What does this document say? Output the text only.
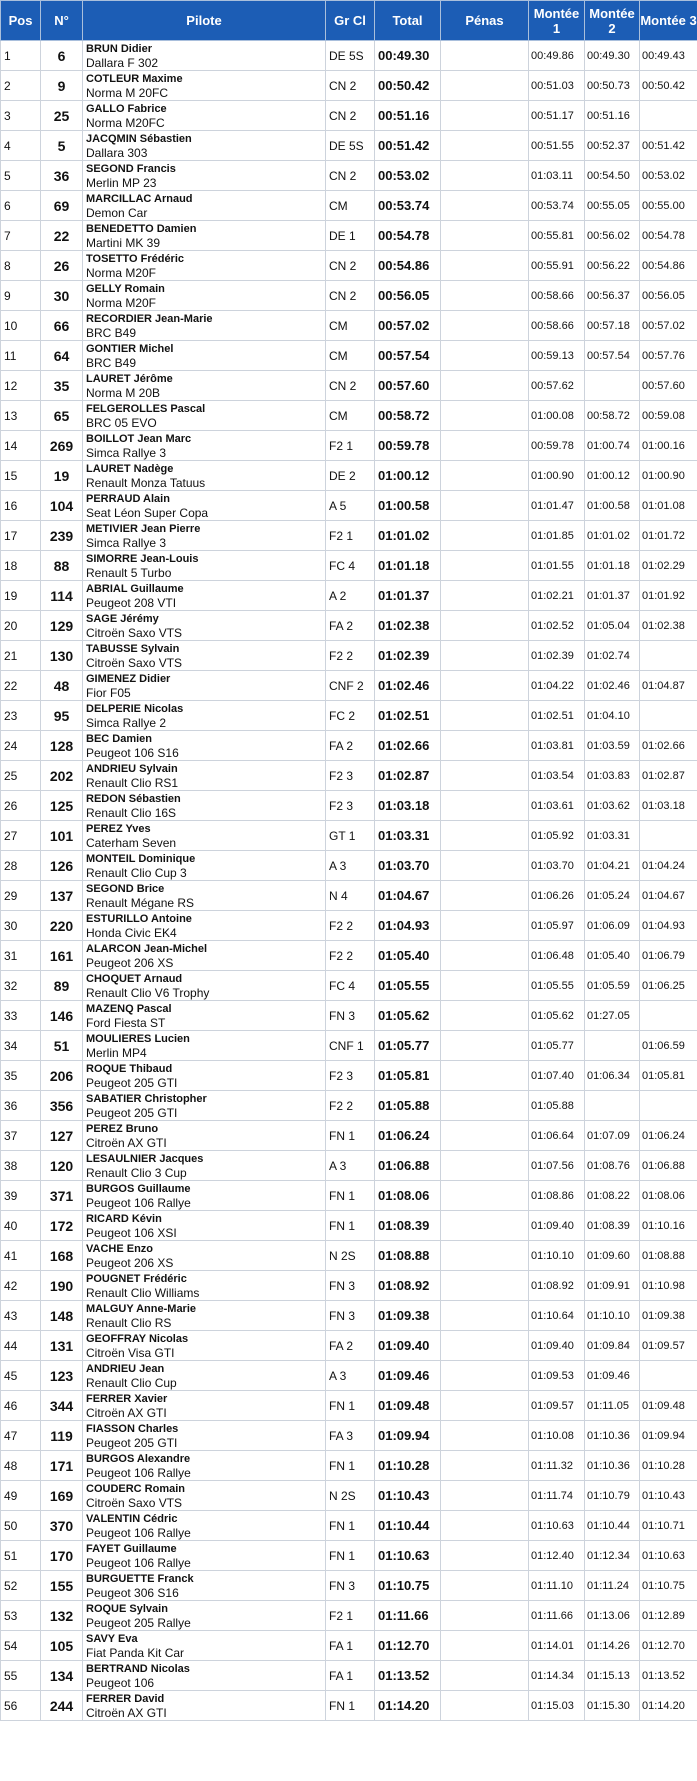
Pos	N°	Pilote	Gr Cl	Total	Pénas	Montée 1	Montée 2	Montée 3
1	6	BRUN Didier
Dallara F 302	DE 5S	00:49.30		00:49.86	00:49.30	00:49.43
2	9	COTLEUR Maxime
Norma M 20FC	CN 2	00:50.42		00:51.03	00:50.73	00:50.42
3	25	GALLO Fabrice
Norma M20FC	CN 2	00:51.16		00:51.17	00:51.16	
4	5	JACQMIN Sébastien
Dallara 303	DE 5S	00:51.42		00:51.55	00:52.37	00:51.42
5	36	SEGOND Francis
Merlin MP 23	CN 2	00:53.02		01:03.11	00:54.50	00:53.02
6	69	MARCILLAC Arnaud
Demon Car	CM	00:53.74		00:53.74	00:55.05	00:55.00
7	22	BENEDETTO Damien
Martini MK 39	DE 1	00:54.78		00:55.81	00:56.02	00:54.78
8	26	TOSETTO Frédéric
Norma M20F	CN 2	00:54.86		00:55.91	00:56.22	00:54.86
9	30	GELLY Romain
Norma M20F	CN 2	00:56.05		00:58.66	00:56.37	00:56.05
10	66	RECORDIER Jean-Marie
BRC B49	CM	00:57.02		00:58.66	00:57.18	00:57.02
11	64	GONTIER Michel
BRC B49	CM	00:57.54		00:59.13	00:57.54	00:57.76
12	35	LAURET Jérôme
Norma M 20B	CN 2	00:57.60		00:57.62		00:57.60
13	65	FELGEROLLES Pascal
BRC 05 EVO	CM	00:58.72		01:00.08	00:58.72	00:59.08
14	269	BOILLOT Jean Marc
Simca Rallye 3	F2 1	00:59.78		00:59.78	01:00.74	01:00.16
15	19	LAURET Nadège
Renault Monza Tatuus	DE 2	01:00.12		01:00.90	01:00.12	01:00.90
16	104	PERRAUD Alain
Seat Léon Super Copa	A 5	01:00.58		01:01.47	01:00.58	01:01.08
17	239	METIVIER Jean Pierre
Simca Rallye 3	F2 1	01:01.02		01:01.85	01:01.02	01:01.72
18	88	SIMORRE Jean-Louis
Renault 5 Turbo	FC 4	01:01.18		01:01.55	01:01.18	01:02.29
19	114	ABRIAL Guillaume
Peugeot 208 VTI	A 2	01:01.37		01:02.21	01:01.37	01:01.92
20	129	SAGE Jérémy
Citroën Saxo VTS	FA 2	01:02.38		01:02.52	01:05.04	01:02.38
21	130	TABUSSE Sylvain
Citroën Saxo VTS	F2 2	01:02.39		01:02.39	01:02.74	
22	48	GIMENEZ Didier
Fior F05	CNF 2	01:02.46		01:04.22	01:02.46	01:04.87
23	95	DELPERIE Nicolas
Simca Rallye 2	FC 2	01:02.51		01:02.51	01:04.10	
24	128	BEC Damien
Peugeot 106 S16	FA 2	01:02.66		01:03.81	01:03.59	01:02.66
25	202	ANDRIEU Sylvain
Renault Clio RS1	F2 3	01:02.87		01:03.54	01:03.83	01:02.87
26	125	REDON Sébastien
Renault Clio 16S	F2 3	01:03.18		01:03.61	01:03.62	01:03.18
27	101	PEREZ Yves
Caterham Seven	GT 1	01:03.31		01:05.92	01:03.31	
28	126	MONTEIL Dominique
Renault Clio Cup 3	A 3	01:03.70		01:03.70	01:04.21	01:04.24
29	137	SEGOND Brice
Renault Mégane RS	N 4	01:04.67		01:06.26	01:05.24	01:04.67
30	220	ESTURILLO Antoine
Honda Civic EK4	F2 2	01:04.93		01:05.97	01:06.09	01:04.93
31	161	ALARCON Jean-Michel
Peugeot 206 XS	F2 2	01:05.40		01:06.48	01:05.40	01:06.79
32	89	CHOQUET Arnaud
Renault Clio V6 Trophy	FC 4	01:05.55		01:05.55	01:05.59	01:06.25
33	146	MAZENQ Pascal
Ford Fiesta ST	FN 3	01:05.62		01:05.62	01:27.05	
34	51	MOULIERES Lucien
Merlin MP4	CNF 1	01:05.77		01:05.77		01:06.59
35	206	ROQUE Thibaud
Peugeot 205 GTI	F2 3	01:05.81		01:07.40	01:06.34	01:05.81
36	356	SABATIER Christopher
Peugeot 205 GTI	F2 2	01:05.88		01:05.88		
37	127	PEREZ Bruno
Citroën AX GTI	FN 1	01:06.24		01:06.64	01:07.09	01:06.24
38	120	LESAULNIER Jacques
Renault Clio 3 Cup	A 3	01:06.88		01:07.56	01:08.76	01:06.88
39	371	BURGOS Guillaume
Peugeot 106 Rallye	FN 1	01:08.06		01:08.86	01:08.22	01:08.06
40	172	RICARD Kévin
Peugeot 106 XSI	FN 1	01:08.39		01:09.40	01:08.39	01:10.16
41	168	VACHE Enzo
Peugeot 206 XS	N 2S	01:08.88		01:10.10	01:09.60	01:08.88
42	190	POUGNET Frédéric
Renault Clio Williams	FN 3	01:08.92		01:08.92	01:09.91	01:10.98
43	148	MALGUY Anne-Marie
Renault Clio RS	FN 3	01:09.38		01:10.64	01:10.10	01:09.38
44	131	GEOFFRAY Nicolas
Citroën Visa GTI	FA 2	01:09.40		01:09.40	01:09.84	01:09.57
45	123	ANDRIEU Jean
Renault Clio Cup	A 3	01:09.46		01:09.53	01:09.46	
46	344	FERRER Xavier
Citroën AX GTI	FN 1	01:09.48		01:09.57	01:11.05	01:09.48
47	119	FIASSON Charles
Peugeot 205 GTI	FA 3	01:09.94		01:10.08	01:10.36	01:09.94
48	171	BURGOS Alexandre
Peugeot 106 Rallye	FN 1	01:10.28		01:11.32	01:10.36	01:10.28
49	169	COUDERC Romain
Citroën Saxo VTS	N 2S	01:10.43		01:11.74	01:10.79	01:10.43
50	370	VALENTIN Cédric
Peugeot 106 Rallye	FN 1	01:10.44		01:10.63	01:10.44	01:10.71
51	170	FAYET Guillaume
Peugeot 106 Rallye	FN 1	01:10.63		01:12.40	01:12.34	01:10.63
52	155	BURGUETTE Franck
Peugeot 306 S16	FN 3	01:10.75		01:11.10	01:11.24	01:10.75
53	132	ROQUE Sylvain
Peugeot 205 Rallye	F2 1	01:11.66		01:11.66	01:13.06	01:12.89
54	105	SAVY Eva
Fiat Panda Kit Car	FA 1	01:12.70		01:14.01	01:14.26	01:12.70
55	134	BERTRAND Nicolas
Peugeot 106	FA 1	01:13.52		01:14.34	01:15.13	01:13.52
56	244	FERRER David
Citroën AX GTI	FN 1	01:14.20		01:15.03	01:15.30	01:14.20
